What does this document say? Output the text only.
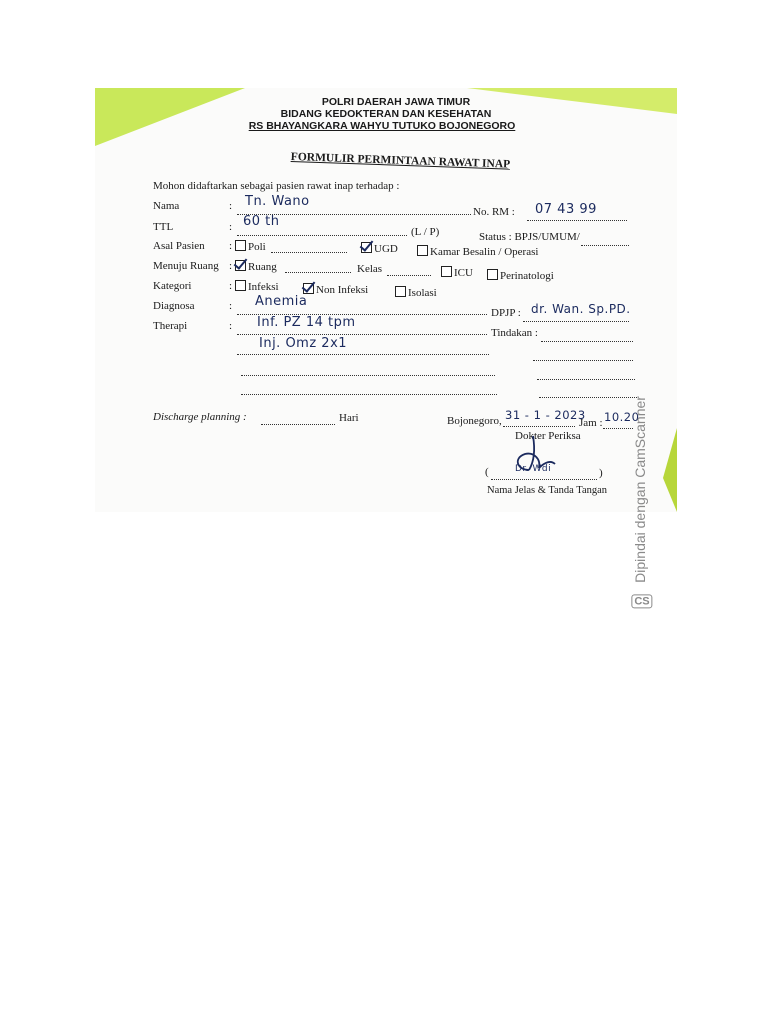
POLRI DAERAH JAWA TIMUR
BIDANG KEDOKTERAN DAN KESEHATAN
RS BHAYANGKARA WAHYU TUTUKO BOJONEGORO
FORMULIR PERMINTAAN RAWAT INAP
Mohon didaftarkan sebagai pasien rawat inap terhadap :
Nama	: Tn. Wano
No. RM : 07 43 99
TTL	: 60 th
(L / P)	Status : BPJS/UMUM/
Asal Pasien :	Poli	UGD	Kamar Besalin / Operasi
Menuju Ruang :	Ruang	Kelas	ICU	Perinatologi
Kategori	:	Infeksi	Non Infeksi	Isolasi
Diagnosa	: Anemia
DPJP : dr. Wan. Sp.PD.
Therapi	: Inf. PZ 14 tpm
Tindakan :
Inj. Omz 2x1
Discharge planning :	Hari	Bojonegoro, 31 - 1 - 2023
Jam : 10.20
Dokter Periksa
(	Dr. Wdi	)
Nama Jelas & Tanda Tangan
CS Dipindai dengan CamScanner
